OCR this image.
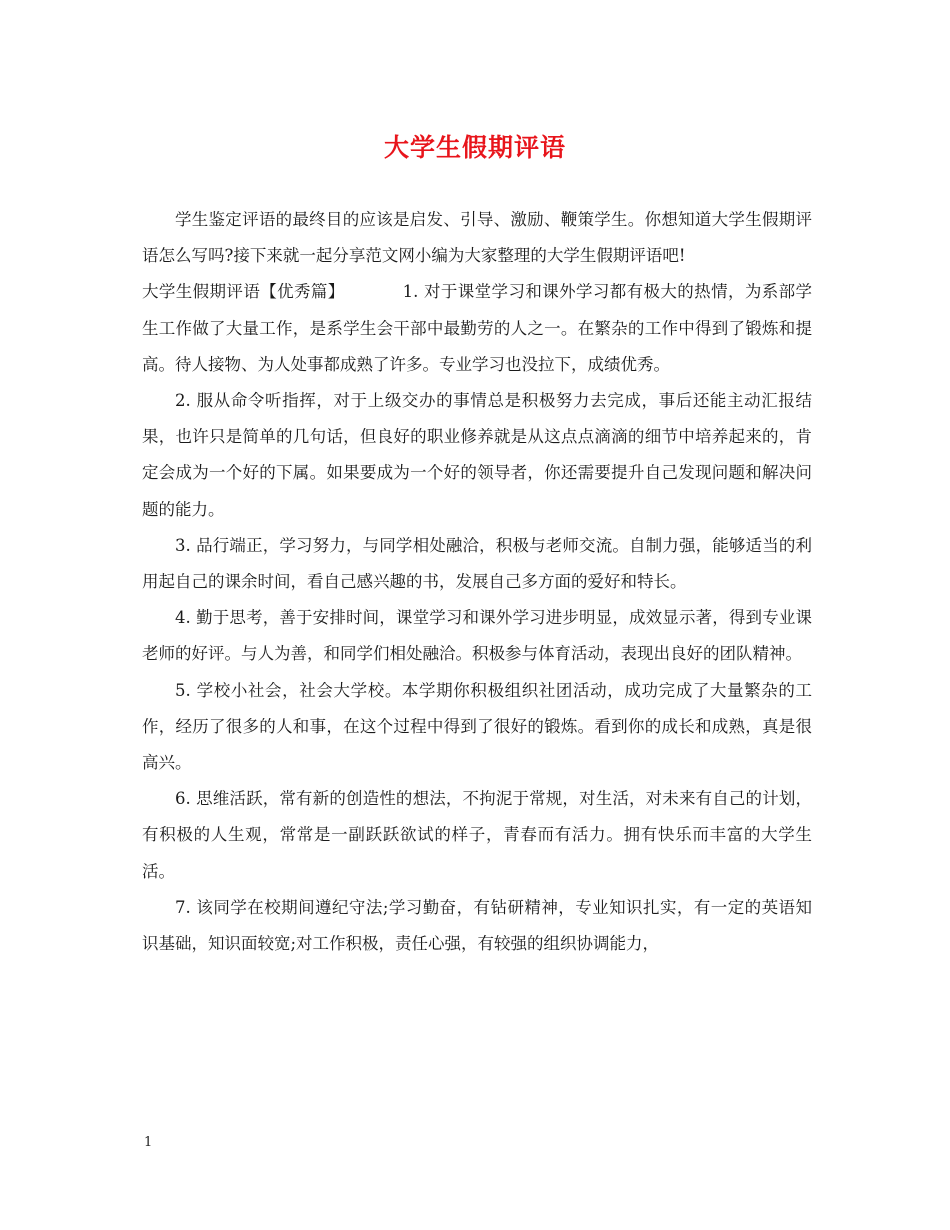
大学生假期评语

学生鉴定评语的最终目的应该是启发、引导、激励、鞭策学生。你想知道大学生假期评语怎么写吗?接下来就一起分享范文网小编为大家整理的大学生假期评语吧!

大学生假期评语【优秀篇】	1. 对于课堂学习和课外学习都有极大的热情，为系部学生工作做了大量工作，是系学生会干部中最勤劳的人之一。在繁杂的工作中得到了锻炼和提高。待人接物、为人处事都成熟了许多。专业学习也没拉下，成绩优秀。

2. 服从命令听指挥，对于上级交办的事情总是积极努力去完成，事后还能主动汇报结果，也许只是简单的几句话，但良好的职业修养就是从这点点滴滴的细节中培养起来的，肯定会成为一个好的下属。如果要成为一个好的领导者，你还需要提升自己发现问题和解决问题的能力。

3. 品行端正，学习努力，与同学相处融洽，积极与老师交流。自制力强，能够适当的利用起自己的课余时间，看自己感兴趣的书，发展自己多方面的爱好和特长。

4. 勤于思考，善于安排时间，课堂学习和课外学习进步明显，成效显示著，得到专业课老师的好评。与人为善，和同学们相处融洽。积极参与体育活动，表现出良好的团队精神。

5. 学校小社会，社会大学校。本学期你积极组织社团活动，成功完成了大量繁杂的工作，经历了很多的人和事，在这个过程中得到了很好的锻炼。看到你的成长和成熟，真是很高兴。

6. 思维活跃，常有新的创造性的想法，不拘泥于常规，对生活，对未来有自己的计划，有积极的人生观，常常是一副跃跃欲试的样子，青春而有活力。拥有快乐而丰富的大学生活。

7. 该同学在校期间遵纪守法;学习勤奋，有钻研精神，专业知识扎实，有一定的英语知识基础，知识面较宽;对工作积极，责任心强，有较强的组织协调能力，

1
